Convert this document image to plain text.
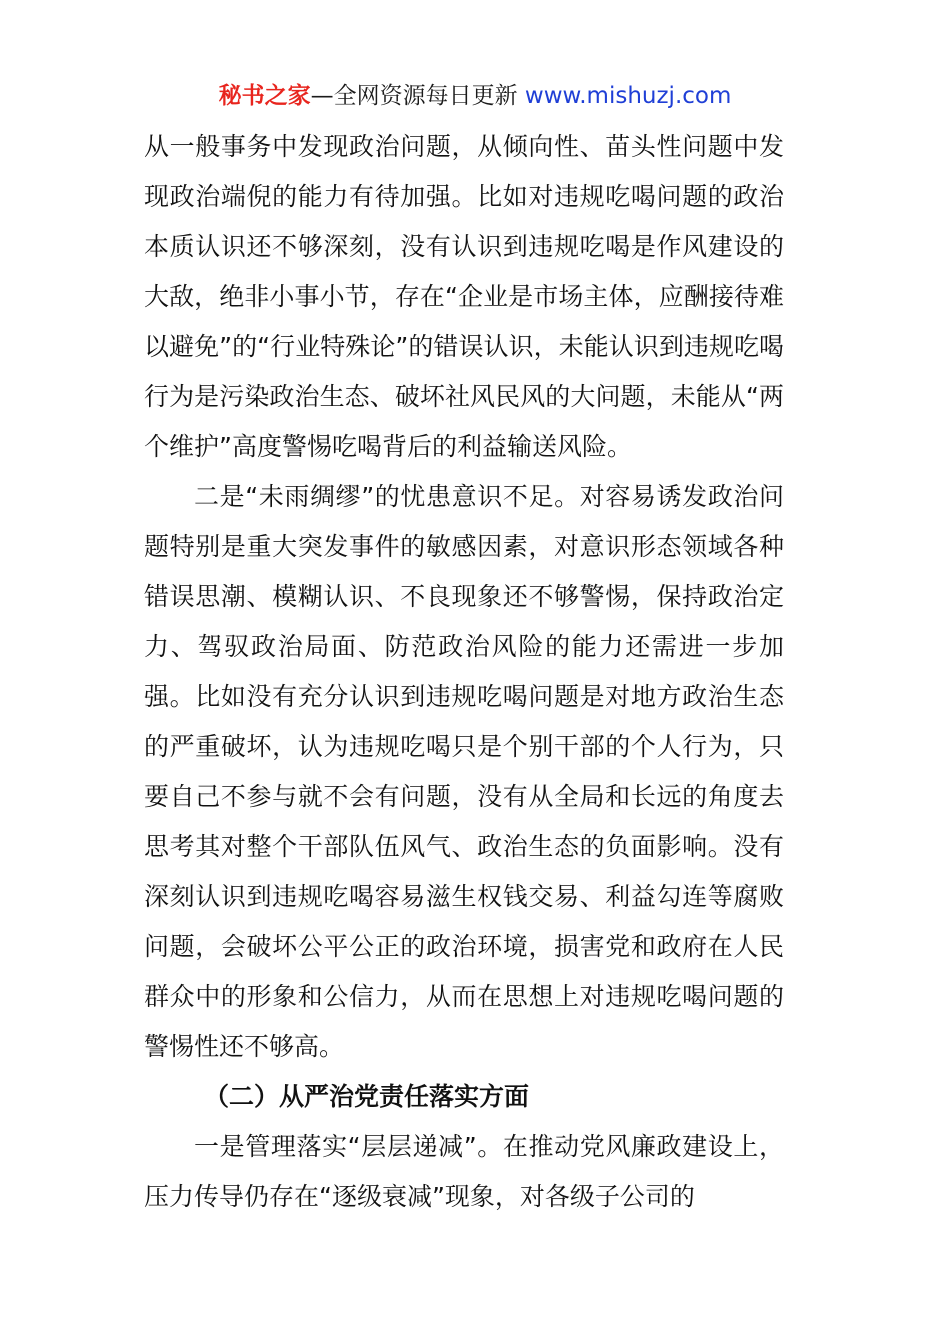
秘书之家—全网资源每日更新 www.mishuzj.com

从一般事务中发现政治问题，从倾向性、苗头性问题中发现政治端倪的能力有待加强。比如对违规吃喝问题的政治本质认识还不够深刻，没有认识到违规吃喝是作风建设的大敌，绝非小事小节，存在“企业是市场主体，应酬接待难以避免”的“行业特殊论”的错误认识，未能认识到违规吃喝行为是污染政治生态、破坏社风民风的大问题，未能从“两个维护”高度警惕吃喝背后的利益输送风险。

二是“未雨绸缪”的忧患意识不足。对容易诱发政治问题特别是重大突发事件的敏感因素，对意识形态领域各种错误思潮、模糊认识、不良现象还不够警惕，保持政治定力、驾驭政治局面、防范政治风险的能力还需进一步加强。比如没有充分认识到违规吃喝问题是对地方政治生态的严重破坏，认为违规吃喝只是个别干部的个人行为，只要自己不参与就不会有问题，没有从全局和长远的角度去思考其对整个干部队伍风气、政治生态的负面影响。没有深刻认识到违规吃喝容易滋生权钱交易、利益勾连等腐败问题，会破坏公平公正的政治环境，损害党和政府在人民群众中的形象和公信力，从而在思想上对违规吃喝问题的警惕性还不够高。

（二）从严治党责任落实方面

一是管理落实“层层递减”。在推动党风廉政建设上，压力传导仍存在“逐级衰减”现象，对各级子公司的
